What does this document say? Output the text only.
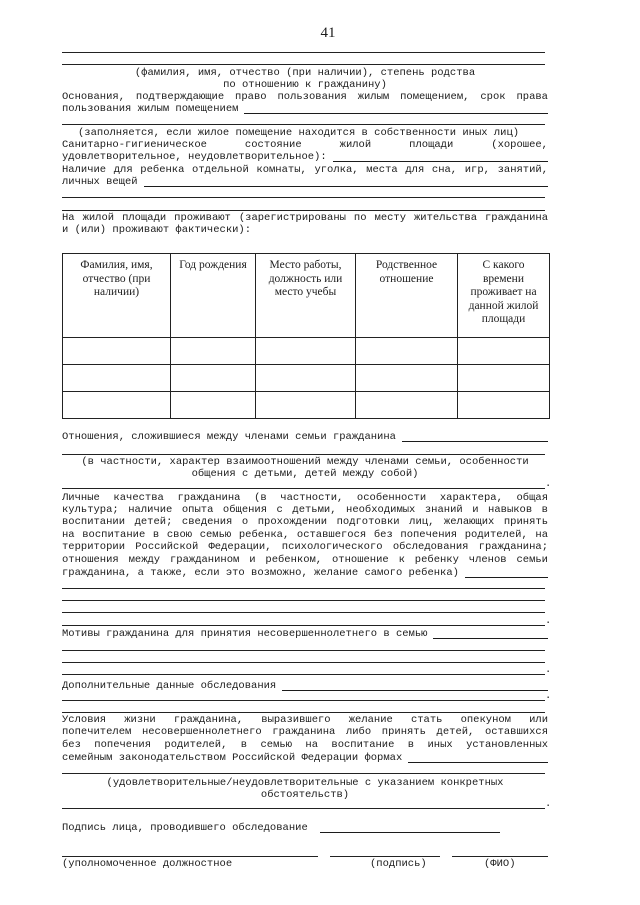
41
(фамилия, имя, отчество (при наличии), степень родства
по отношению к гражданину)
Основания, подтверждающие право пользования жилым помещением, срок права
пользования жилым помещением
(заполняется, если жилое помещение находится в собственности иных лиц)
Санитарно-гигиеническое состояние жилой площади (хорошее,
удовлетворительное, неудовлетворительное):
Наличие для ребенка отдельной комнаты, уголка, места для сна, игр, занятий,
личных вещей
На жилой площади проживают (зарегистрированы по месту жительства гражданина
и (или) проживают фактически):
Фамилия, имя, отчество (при наличии)	Год рождения	Место работы, должность или место учебы	Родственное отношение	С какого времени проживает на данной жилой площади

Отношения, сложившиеся между членами семьи гражданина
(в частности, характер взаимоотношений между членами семьи, особенности
общения с детьми, детей между собой)
.
Личные качества гражданина (в частности, особенности характера, общая
культура; наличие опыта общения с детьми, необходимых знаний и навыков в
воспитании детей; сведения о прохождении подготовки лиц, желающих принять
на воспитание в свою семью ребенка, оставшегося без попечения родителей, на
территории Российской Федерации, психологического обследования гражданина;
отношения между гражданином и ребенком, отношение к ребенку членов семьи
гражданина, а также, если это возможно, желание самого ребенка)
.
Мотивы гражданина для принятия несовершеннолетнего в семью
.
Дополнительные данные обследования
.
Условия жизни гражданина, выразившего желание стать опекуном или
попечителем несовершеннолетнего гражданина либо принять детей, оставшихся
без попечения родителей, в семью на воспитание в иных установленных
семейным законодательством Российской Федерации формах
(удовлетворительные/неудовлетворительные с указанием конкретных
обстоятельств)
.
Подпись лица, проводившего обследование
(уполномоченное должностное	(подпись)	(ФИО)
